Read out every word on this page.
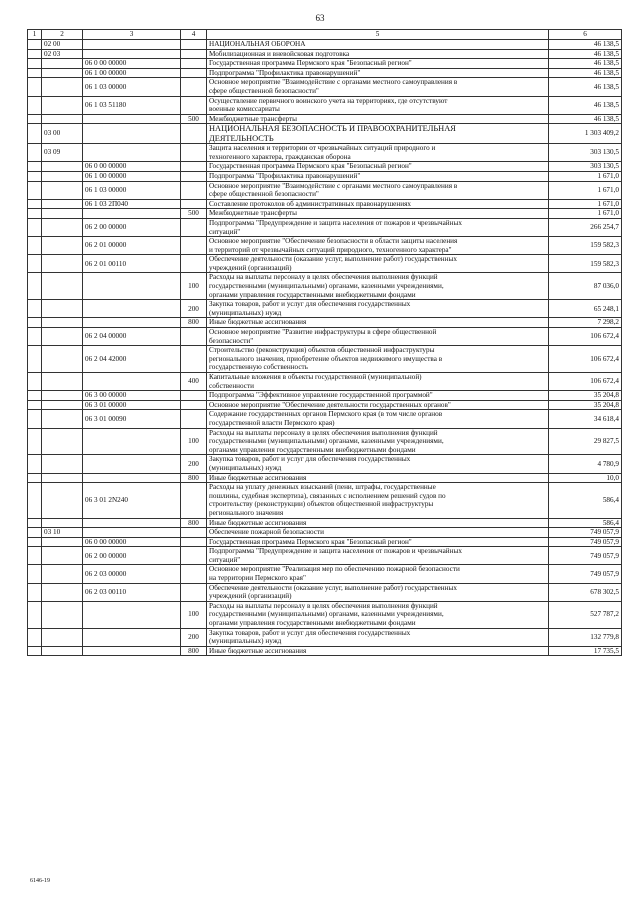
63
1	2	3	4	5	6
	02 00			НАЦИОНАЛЬНАЯ ОБОРОНА	46 138,5
	02 03			Мобилизационная и вневойсковая подготовка	46 138,5
		06 0 00 00000		Государственная программа Пермского края "Безопасный регион"	46 138,5
		06 1 00 00000		Подпрограмма "Профилактика правонарушений"	46 138,5
		06 1 03 00000		Основное мероприятие "Взаимодействие с органами местного самоуправления в
сфере общественной безопасности"	46 138,5
		06 1 03 51180		Осуществление первичного воинского учета на территориях, где отсутствуют
военные комиссариаты	46 138,5
			500	Межбюджетные трансферты	46 138,5
	03 00			НАЦИОНАЛЬНАЯ БЕЗОПАСНОСТЬ И ПРАВООХРАНИТЕЛЬНАЯ
ДЕЯТЕЛЬНОСТЬ	1 303 409,2
	03 09			Защита населения и территории от чрезвычайных ситуаций природного и
техногенного характера, гражданская оборона	303 130,5
		06 0 00 00000		Государственная программа Пермского края "Безопасный регион"	303 130,5
		06 1 00 00000		Подпрограмма "Профилактика правонарушений"	1 671,0
		06 1 03 00000		Основное мероприятие "Взаимодействие с органами местного самоуправления в
сфере общественной безопасности"	1 671,0
		06 1 03 2П040		Составление протоколов об административных правонарушениях	1 671,0
			500	Межбюджетные трансферты	1 671,0
		06 2 00 00000		Подпрограмма "Предупреждение и защита населения от пожаров и чрезвычайных
ситуаций"	266 254,7
		06 2 01 00000		Основное мероприятие "Обеспечение безопасности в области защиты населения
и территорий от чрезвычайных ситуаций природного, техногенного характера"	159 582,3
		06 2 01 00110		Обеспечение деятельности (оказание услуг, выполнение работ) государственных
учреждений (организаций)	159 582,3
			100	Расходы на выплаты персоналу в целях обеспечения выполнения функций
государственными (муниципальными) органами, казенными учреждениями,
органами управления государственными внебюджетными фондами	87 036,0
			200	Закупка товаров, работ и услуг для обеспечения государственных
(муниципальных) нужд	65 248,1
			800	Иные бюджетные ассигнования	7 298,2
		06 2 04 00000		Основное мероприятие "Развитие инфраструктуры в сфере общественной
безопасности"	106 672,4
		06 2 04 42000		Строительство (реконструкция) объектов общественной инфраструктуры
регионального значения, приобретение объектов недвижимого имущества в
государственную собственность	106 672,4
			400	Капитальные вложения в объекты государственной (муниципальной)
собственности	106 672,4
		06 3 00 00000		Подпрограмма "Эффективное управление государственной программой"	35 204,8
		06 3 01 00000		Основное мероприятие "Обеспечение деятельности государственных органов"	35 204,8
		06 3 01 00090		Содержание государственных органов Пермского края (в том числе органов
государственной власти Пермского края)	34 618,4
			100	Расходы на выплаты персоналу в целях обеспечения выполнения функций
государственными (муниципальными) органами, казенными учреждениями,
органами управления государственными внебюджетными фондами	29 827,5
			200	Закупка товаров, работ и услуг для обеспечения государственных
(муниципальных) нужд	4 780,9
			800	Иные бюджетные ассигнования	10,0
		06 3 01 2N240		Расходы на уплату денежных взысканий (пени, штрафы, государственные
пошлины, судебная экспертиза), связанных с исполнением решений судов по
строительству (реконструкции) объектов общественной инфраструктуры
регионального значения	586,4
			800	Иные бюджетные ассигнования	586,4
	03 10			Обеспечение пожарной безопасности	749 057,9
		06 0 00 00000		Государственная программа Пермского края "Безопасный регион"	749 057,9
		06 2 00 00000		Подпрограмма "Предупреждение и защита населения от пожаров и чрезвычайных
ситуаций"	749 057,9
		06 2 03 00000		Основное мероприятие "Реализация мер по обеспечению пожарной безопасности
на территории Пермского края"	749 057,9
		06 2 03 00110		Обеспечение деятельности (оказание услуг, выполнение работ) государственных
учреждений (организаций)	678 302,5
			100	Расходы на выплаты персоналу в целях обеспечения выполнения функций
государственными (муниципальными) органами, казенными учреждениями,
органами управления государственными внебюджетными фондами	527 787,2
			200	Закупка товаров, работ и услуг для обеспечения государственных
(муниципальных) нужд	132 779,8
			800	Иные бюджетные ассигнования	17 735,5
6146-19
